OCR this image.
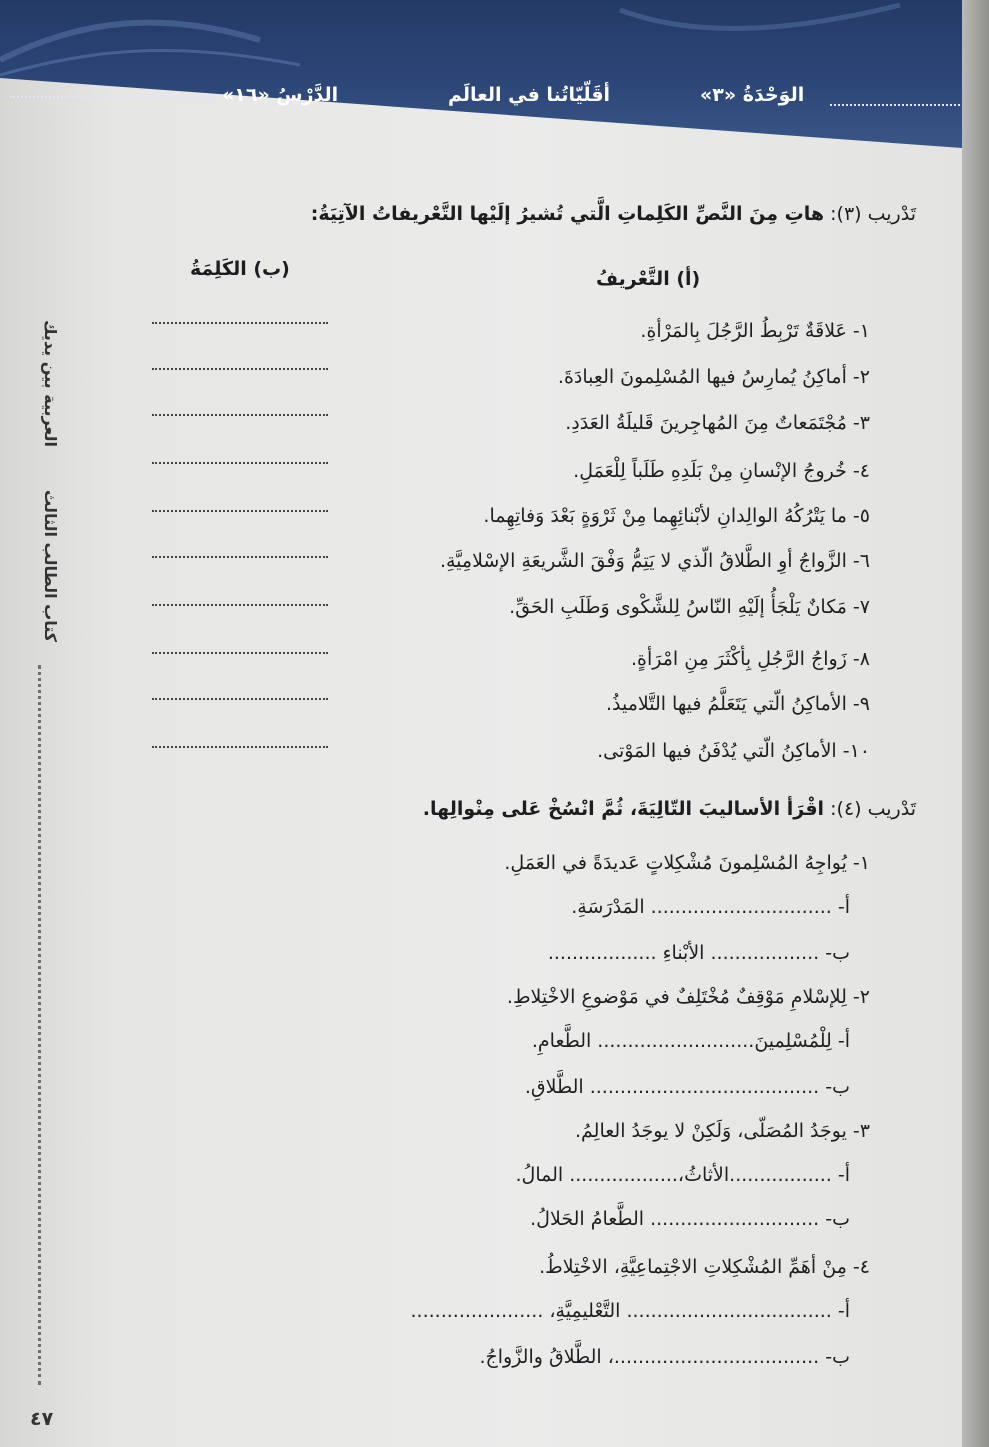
الدَّرْسُ «١٦»	أقَلّيّاتُنا في العالَم	الوَحْدَةُ «٣»
العربية بين يديك
كتاب الطالب الثالث
٤٧
تَدْريب (٣): هاتِ مِنَ النَّصِّ الكَلِماتِ الَّتي تُشيرُ إلَيْها التَّعْريفاتُ الآتِيَةُ:
(أ) التَّعْريفُ
(ب) الكَلِمَةُ
١- عَلاقَةٌ تَرْبِطُ الرَّجُلَ بِالمَرْأةِ.
٢- أماكِنُ يُمارِسُ فيها المُسْلِمونَ العِبادَةَ.
٣- مُجْتَمَعاتٌ مِنَ المُهاجِرينَ قَليلَةُ العَدَدِ.
٤- خُروجُ الإنْسانِ مِنْ بَلَدِهِ طَلَباً لِلْعَمَلِ.
٥- ما يَتْرُكُهُ الوالِدانِ لأبْنائِهِما مِنْ ثَرْوَةٍ بَعْدَ وَفاتِهِما.
٦- الزَّواجُ أوِ الطَّلاقُ الّذي لا يَتِمُّ وَفْقَ الشَّريعَةِ الإسْلامِيَّةِ.
٧- مَكانٌ يَلْجَأُ إلَيْهِ النّاسُ لِلشَّكْوى وَطَلَبِ الحَقِّ.
٨- زَواجُ الرَّجُلِ بِأكْثَرَ مِنِ امْرَأةٍ.
٩- الأماكِنُ الّتي يَتَعَلَّمُ فيها التَّلاميذُ.
١٠- الأماكِنُ الّتي يُدْفَنُ فيها المَوْتى.
تَدْريب (٤): اقْرَأ الأساليبَ التّالِيَةَ، ثُمَّ انْسُخْ عَلى مِنْوالِها.
١- يُواجِهُ المُسْلِمونَ مُشْكِلاتٍ عَديدَةً في العَمَلِ.
أ- .............................. المَدْرَسَةِ.
ب- .................. الأبْناءِ ..................
٢- لِلإسْلامِ مَوْقِفٌ مُخْتَلِفٌ في مَوْضوعِ الاخْتِلاطِ.
أ- لِلْمُسْلِمينَ.......................... الطَّعامِ.
ب- ...................................... الطَّلاقِ.
٣- يوجَدُ المُصَلّى، وَلَكِنْ لا يوجَدُ العالِمُ.
أ- .................الأثاثُ،.................. المالُ.
ب- ............................ الطَّعامُ الحَلالُ.
٤- مِنْ أهَمِّ المُشْكِلاتِ الاجْتِماعِيَّةِ، الاخْتِلاطُ.
أ- .................................. التَّعْليمِيَّةِ، ......................
ب- ..................................، الطَّلاقُ والزَّواجُ.
